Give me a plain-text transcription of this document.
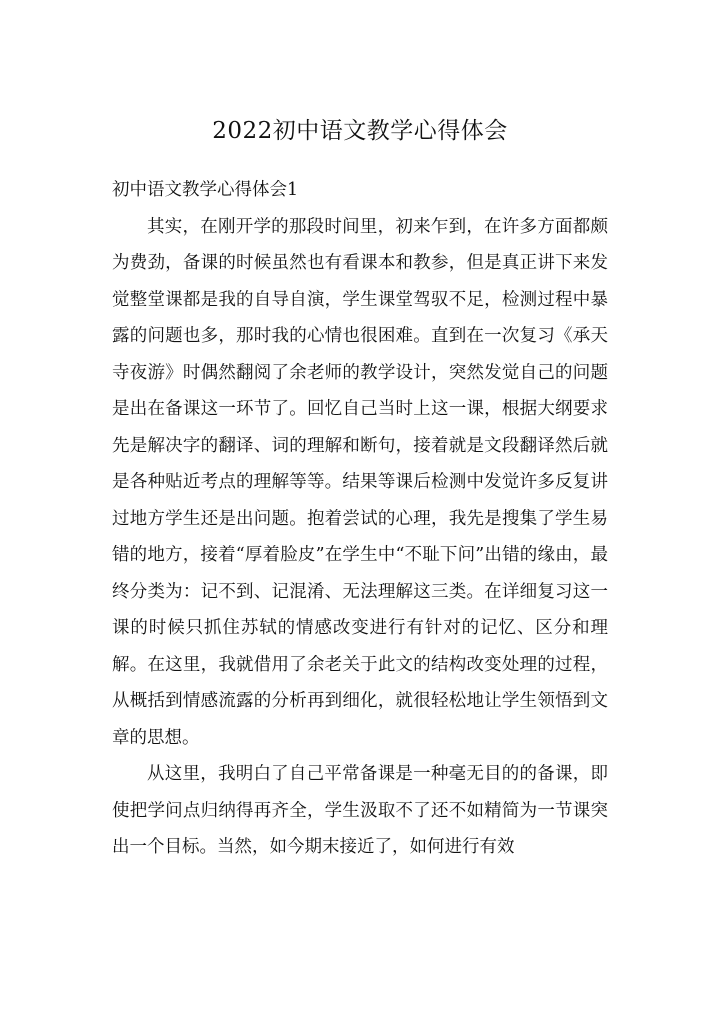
2022初中语文教学心得体会

初中语文教学心得体会1

其实，在刚开学的那段时间里，初来乍到，在许多方面都颇为费劲，备课的时候虽然也有看课本和教参，但是真正讲下来发觉整堂课都是我的自导自演，学生课堂驾驭不足，检测过程中暴露的问题也多，那时我的心情也很困难。直到在一次复习《承天寺夜游》时偶然翻阅了余老师的教学设计，突然发觉自己的问题是出在备课这一环节了。回忆自己当时上这一课，根据大纲要求先是解决字的翻译、词的理解和断句，接着就是文段翻译然后就是各种贴近考点的理解等等。结果等课后检测中发觉许多反复讲过地方学生还是出问题。抱着尝试的心理，我先是搜集了学生易错的地方，接着“厚着脸皮”在学生中“不耻下问”出错的缘由，最终分类为：记不到、记混淆、无法理解这三类。在详细复习这一课的时候只抓住苏轼的情感改变进行有针对的记忆、区分和理解。在这里，我就借用了余老关于此文的结构改变处理的过程，从概括到情感流露的分析再到细化，就很轻松地让学生领悟到文章的思想。

从这里，我明白了自己平常备课是一种毫无目的的备课，即使把学问点归纳得再齐全，学生汲取不了还不如精简为一节课突出一个目标。当然，如今期末接近了，如何进行有效
